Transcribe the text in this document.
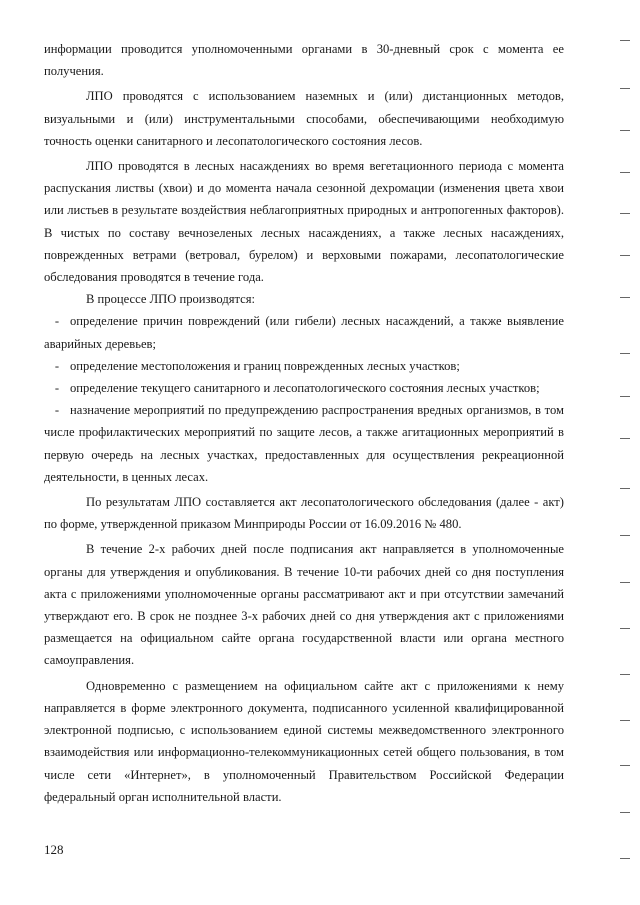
информации проводится уполномоченными органами в 30-дневный срок с момента ее получения.

ЛПО проводятся с использованием наземных и (или) дистанционных методов, визуальными и (или) инструментальными способами, обеспечивающими необходимую точность оценки санитарного и лесопатологического состояния лесов.

ЛПО проводятся в лесных насаждениях во время вегетационного периода с момента распускания листвы (хвои) и до момента начала сезонной дехромации (изменения цвета хвои или листьев в результате воздействия неблагоприятных природных и антропогенных факторов). В чистых по составу вечнозеленых лесных насаждениях, а также лесных насаждениях, поврежденных ветрами (ветровал, бурелом) и верховыми пожарами, лесопатологические обследования проводятся в течение года.

В процессе ЛПО производятся:

- определение причин повреждений (или гибели) лесных насаждений, а также выявление аварийных деревьев;

- определение местоположения и границ поврежденных лесных участков;

- определение текущего санитарного и лесопатологического состояния лесных участков;

- назначение мероприятий по предупреждению распространения вредных организмов, в том числе профилактических мероприятий по защите лесов, а также агитационных мероприятий в первую очередь на лесных участках, предоставленных для осуществления рекреационной деятельности, в ценных лесах.

По результатам ЛПО составляется акт лесопатологического обследования (далее - акт) по форме, утвержденной приказом Минприроды России от 16.09.2016 № 480.

В течение 2-х рабочих дней после подписания акт направляется в уполномоченные органы для утверждения и опубликования. В течение 10-ти рабочих дней со дня поступления акта с приложениями уполномоченные органы рассматривают акт и при отсутствии замечаний утверждают его. В срок не позднее 3-х рабочих дней со дня утверждения акт с приложениями размещается на официальном сайте органа государственной власти или органа местного самоуправления.

Одновременно с размещением на официальном сайте акт с приложениями к нему направляется в форме электронного документа, подписанного усиленной квалифицированной электронной подписью, с использованием единой системы межведомственного электронного взаимодействия или информационно-телекоммуникационных сетей общего пользования, в том числе сети «Интернет», в уполномоченный Правительством Российской Федерации федеральный орган исполнительной власти.

128
